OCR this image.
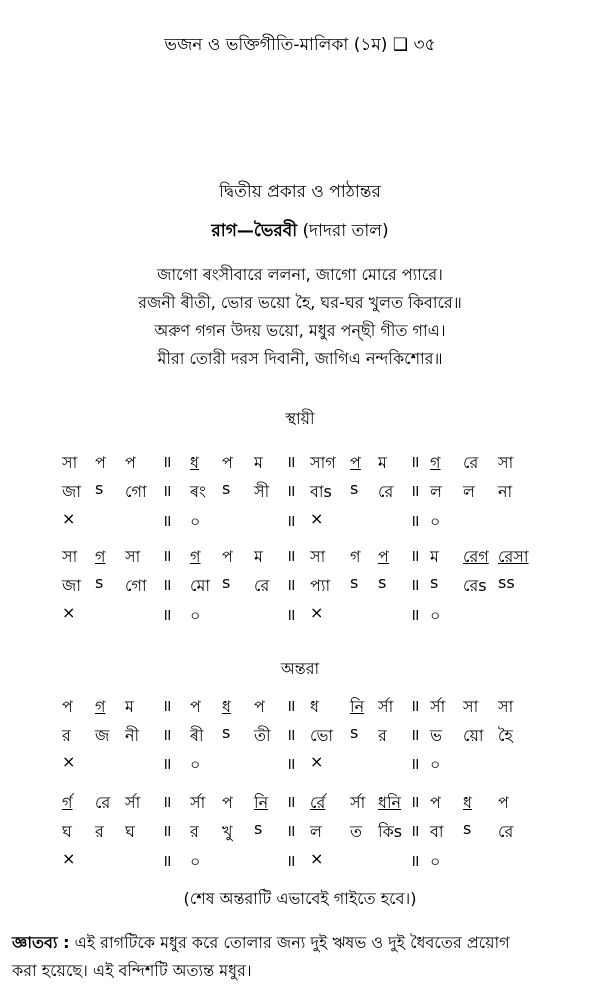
ভজন ও ভক্তিগীতি-মালিকা (১ম) ❑ ৩৫
দ্বিতীয় প্রকার ও পাঠান্তর
রাগ—ভৈরবী (দাদরা তাল)
জাগো ৰংসীবারে ললনা, জাগো মোরে প্যারে।
রজনী ৰীতী, ভোর ভয়ো হৈ, ঘর-ঘর খুলত কিবারে॥
অরুণ গগন উদয় ভয়ো, মধুর পন্‌ছী গীত গাএ।
মীরা তোরী দরস দিবানী, জাগিএ নন্দকিশোর॥
স্থায়ী
সা প প ॥ ধ প ম ॥ সাগ প ম ॥ গ রে সা
জা s গো ॥ ৰং s সী ॥ বাs s রে ॥ ল ল না
×	॥ ০	॥ ×	॥ ০
সা গ সা ॥ গ প ম ॥ সা গ প ॥ ম রেগ রেসা
জা s গো ॥ মো s রে ॥ প্যা s s ॥ s রেs ss
×	॥ ০	॥ ×	॥ ০
অন্তরা
প গ ম ॥ প ধ প ॥ ধ নি র্সা ॥ র্সা সা সা
র জ নী ॥ ৰী s তী ॥ ভো s র ॥ ভ য়ো হৈ
×	॥ ০	॥ ×	॥ ০
র্গ রে র্সা ॥ র্সা প নি ॥ র্রে র্সা ধনি ॥ প ধ প
ঘ র ঘ ॥ র খু s ॥ ল ত কিs ॥ বা s রে
×	॥ ০	॥ ×	॥ ০
(শেষ অন্তরাটি এভাবেই গাইতে হবে।)
জ্ঞাতব্য : এই রাগটিকে মধুর করে তোলার জন্য দুই ঋষভ ও দুই ধৈবতের প্রয়োগ
করা হয়েছে। এই বন্দিশটি অত্যন্ত মধুর।
